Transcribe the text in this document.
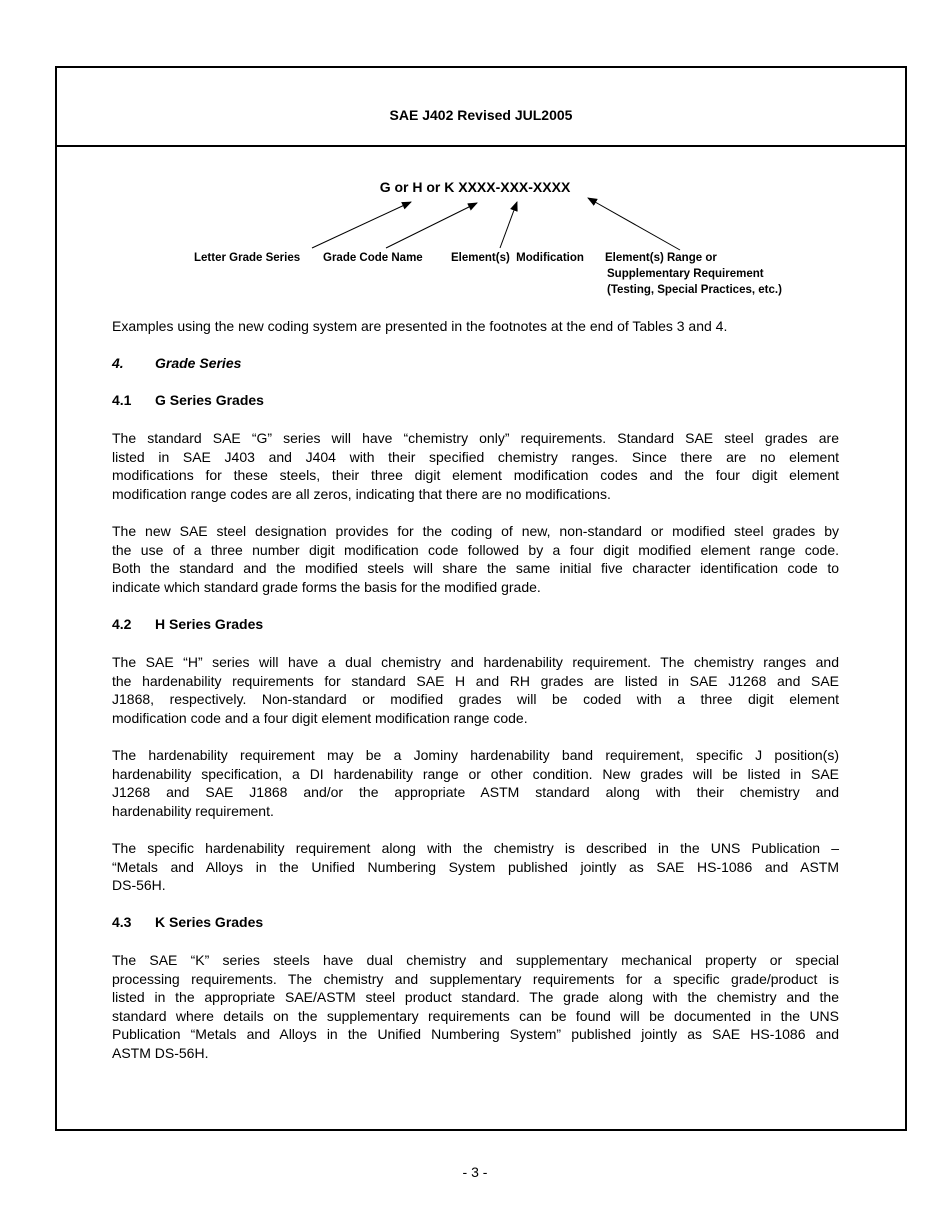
SAE J402 Revised JUL2005
G or H or K XXXX-XXX-XXXX
Letter Grade Series Grade Code Name Element(s)  Modification Element(s) Range or
Supplementary Requirement
(Testing, Special Practices, etc.)
Examples using the new coding system are presented in the footnotes at the end of Tables 3 and 4.
4. Grade Series
4.1 G Series Grades
The standard SAE “G” series will have “chemistry only” requirements. Standard SAE steel grades are
listed in SAE J403 and J404 with their specified chemistry ranges. Since there are no element
modifications for these steels, their three digit element modification codes and the four digit element
modification range codes are all zeros, indicating that there are no modifications.
The new SAE steel designation provides for the coding of new, non-standard or modified steel grades by
the use of a three number digit modification code followed by a four digit modified element range code.
Both the standard and the modified steels will share the same initial five character identification code to
indicate which standard grade forms the basis for the modified grade.
4.2 H Series Grades
The SAE “H” series will have a dual chemistry and hardenability requirement. The chemistry ranges and
the hardenability requirements for standard SAE H and RH grades are listed in SAE J1268 and SAE
J1868, respectively. Non-standard or modified grades will be coded with a three digit element
modification code and a four digit element modification range code.
The hardenability requirement may be a Jominy hardenability band requirement, specific J position(s)
hardenability specification, a DI hardenability range or other condition. New grades will be listed in SAE
J1268 and SAE J1868 and/or the appropriate ASTM standard along with their chemistry and
hardenability requirement.
The specific hardenability requirement along with the chemistry is described in the UNS Publication –
“Metals and Alloys in the Unified Numbering System published jointly as SAE HS-1086 and ASTM
DS-56H.
4.3 K Series Grades
The SAE “K” series steels have dual chemistry and supplementary mechanical property or special
processing requirements. The chemistry and supplementary requirements for a specific grade/product is
listed in the appropriate SAE/ASTM steel product standard. The grade along with the chemistry and the
standard where details on the supplementary requirements can be found will be documented in the UNS
Publication “Metals and Alloys in the Unified Numbering System” published jointly as SAE HS-1086 and
ASTM DS-56H.
- 3 -
